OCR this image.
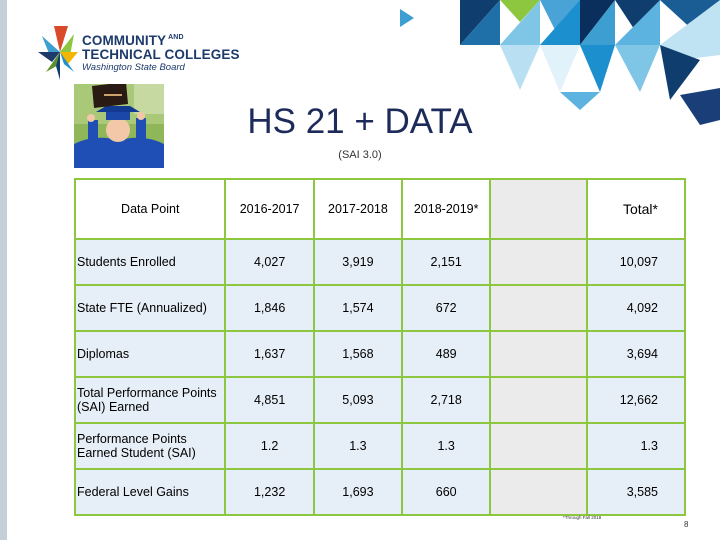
COMMUNITY $^{AND}$
TECHNICAL COLLEGES
Washington State Board
HS 21 + DATA
(SAI 3.0)
Data Point	2016-2017	2017-2018	2018-2019*		Total*
Students Enrolled	4,027	3,919	2,151		10,097
State FTE (Annualized)	1,846	1,574	672		4,092
Diplomas	1,637	1,568	489		3,694
Total Performance Points (SAI) Earned	4,851	5,093	2,718		12,662
Performance Points Earned Student (SAI)	1.2	1.3	1.3		1.3
Federal Level Gains	1,232	1,693	660		3,585
*Through Fall 2018
8
